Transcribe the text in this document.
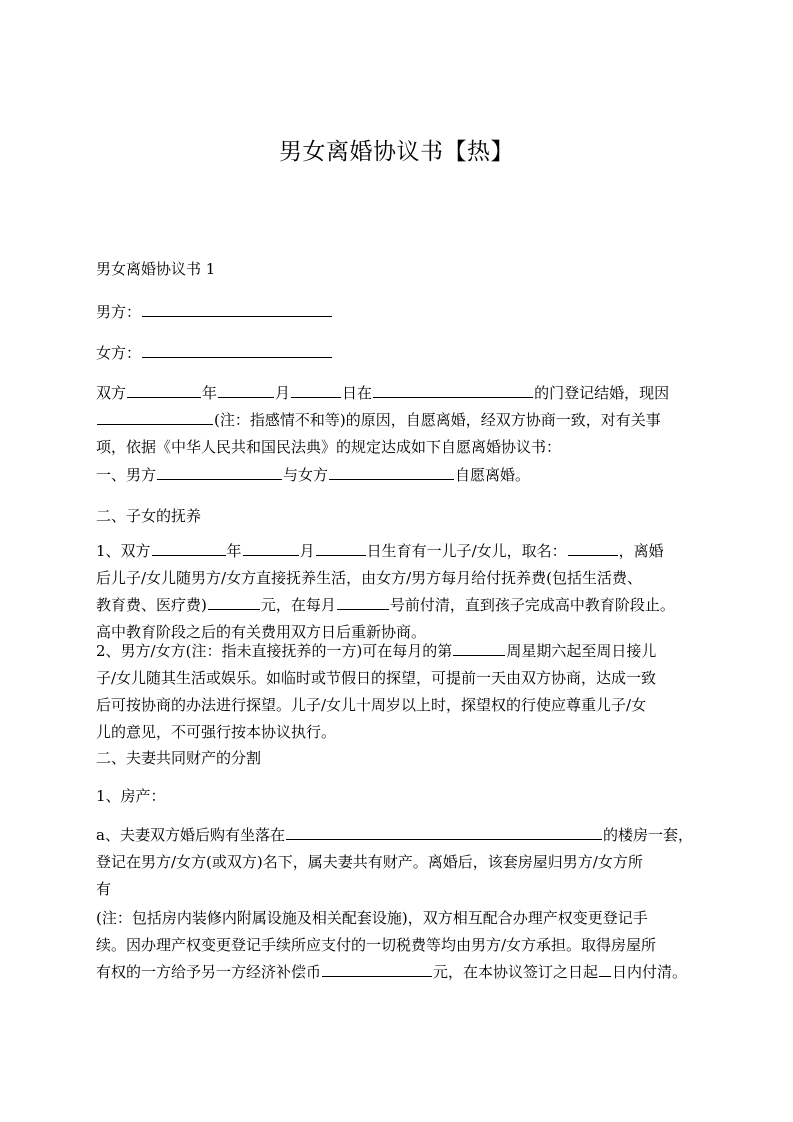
男女离婚协议书【热】
男女离婚协议书 1
男方：
女方：
双方	年	月	日在	的门登记结婚，现因
(注：指感情不和等)的原因，自愿离婚，经双方协商一致，对有关事
项，依据《中华人民共和国民法典》的规定达成如下自愿离婚协议书：
一、男方	与女方	自愿离婚。
二、子女的抚养
1、双方	年	月	日生育有一儿子/女儿，取名：	，离婚
后儿子/女儿随男方/女方直接抚养生活，由女方/男方每月给付抚养费(包括生活费、
教育费、医疗费)	元，在每月	号前付清，直到孩子完成高中教育阶段止。
高中教育阶段之后的有关费用双方日后重新协商。
2、男方/女方(注：指未直接抚养的一方)可在每月的第	周星期六起至周日接儿
子/女儿随其生活或娱乐。如临时或节假日的探望，可提前一天由双方协商，达成一致
后可按协商的办法进行探望。儿子/女儿十周岁以上时，探望权的行使应尊重儿子/女
儿的意见，不可强行按本协议执行。
二、夫妻共同财产的分割
1、房产：
a、夫妻双方婚后购有坐落在	的楼房一套，
登记在男方/女方(或双方)名下，属夫妻共有财产。离婚后，该套房屋归男方/女方所
有
(注：包括房内装修内附属设施及相关配套设施)，双方相互配合办理产权变更登记手
续。因办理产权变更登记手续所应支付的一切税费等均由男方/女方承担。取得房屋所
有权的一方给予另一方经济补偿币	元，在本协议签订之日起 日内付清。
